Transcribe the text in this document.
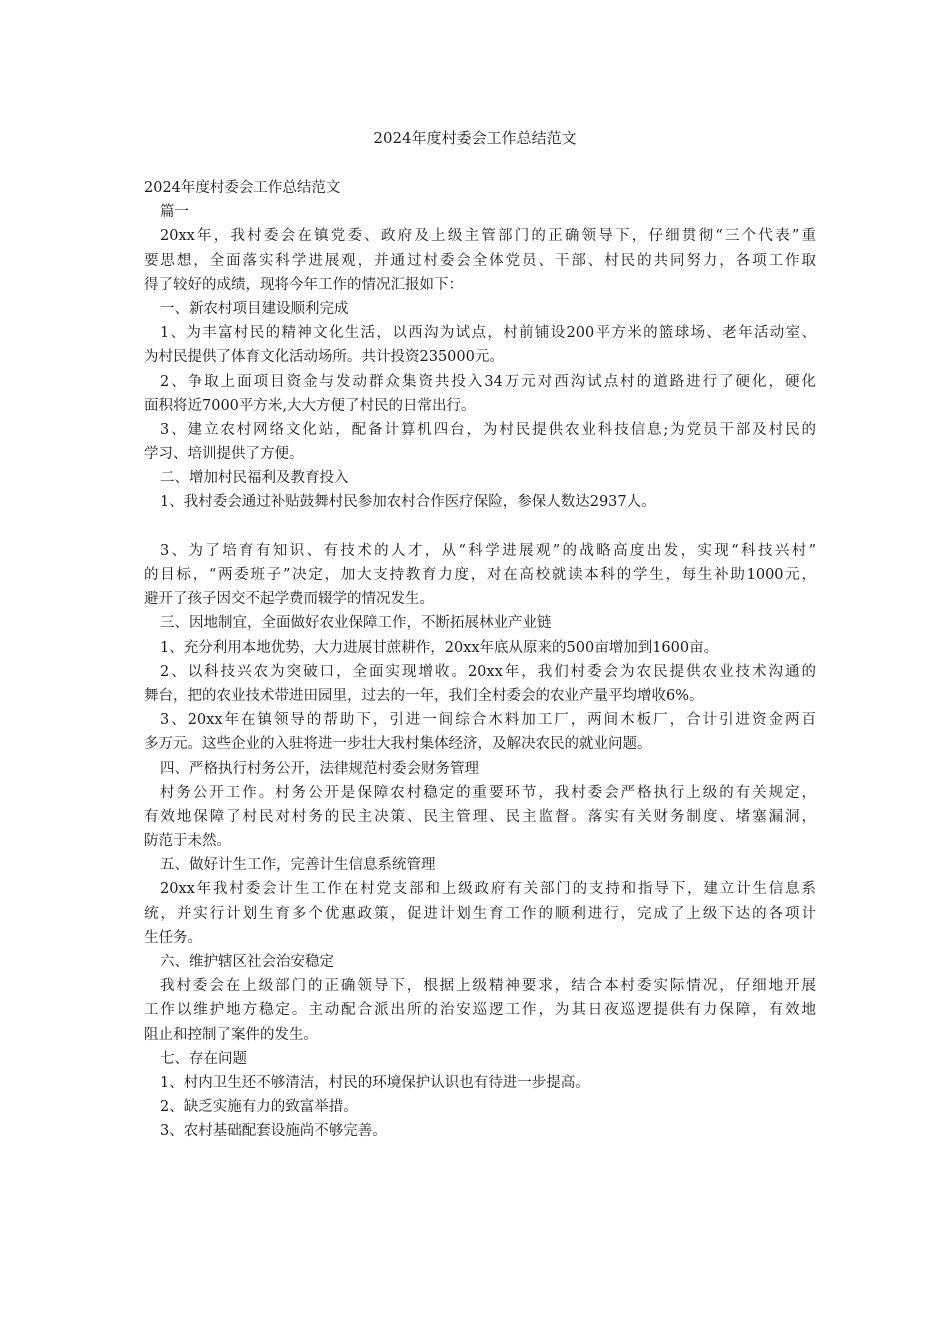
2024年度村委会工作总结范文
2024年度村委会工作总结范文
篇一
20xx年，我村委会在镇党委、政府及上级主管部门的正确领导下，仔细贯彻“三个代表”重
要思想，全面落实科学进展观，并通过村委会全体党员、干部、村民的共同努力，各项工作取
得了较好的成绩，现将今年工作的情况汇报如下：
一、新农村项目建设顺利完成
1、为丰富村民的精神文化生活，以西沟为试点，村前铺设200平方米的篮球场、老年活动室、
为村民提供了体育文化活动场所。共计投资235000元。
2、争取上面项目资金与发动群众集资共投入34万元对西沟试点村的道路进行了硬化，硬化
面积将近7000平方米,大大方便了村民的日常出行。
3、建立农村网络文化站，配备计算机四台，为村民提供农业科技信息;为党员干部及村民的
学习、培训提供了方便。
二、增加村民福利及教育投入
1、我村委会通过补贴鼓舞村民参加农村合作医疗保险，参保人数达2937人。
3、为了培育有知识、有技术的人才，从“科学进展观”的战略高度出发，实现“科技兴村”
的目标，“两委班子”决定，加大支持教育力度，对在高校就读本科的学生，每生补助1000元，
避开了孩子因交不起学费而辍学的情况发生。
三、因地制宜，全面做好农业保障工作，不断拓展林业产业链
1、充分利用本地优势，大力进展甘蔗耕作，20xx年底从原来的500亩增加到1600亩。
2、以科技兴农为突破口，全面实现增收。20xx年，我们村委会为农民提供农业技术沟通的
舞台，把的农业技术带进田园里，过去的一年，我们全村委会的农业产量平均增收6%。
3、20xx年在镇领导的帮助下，引进一间综合木料加工厂，两间木板厂，合计引进资金两百
多万元。这些企业的入驻将进一步壮大我村集体经济，及解决农民的就业问题。
四、严格执行村务公开，法律规范村委会财务管理
村务公开工作。村务公开是保障农村稳定的重要环节，我村委会严格执行上级的有关规定，
有效地保障了村民对村务的民主决策、民主管理、民主监督。落实有关财务制度、堵塞漏洞，
防范于未然。
五、做好计生工作，完善计生信息系统管理
20xx年我村委会计生工作在村党支部和上级政府有关部门的支持和指导下，建立计生信息系
统，并实行计划生育多个优惠政策，促进计划生育工作的顺利进行，完成了上级下达的各项计
生任务。
六、维护辖区社会治安稳定
我村委会在上级部门的正确领导下，根据上级精神要求，结合本村委实际情况，仔细地开展
工作以维护地方稳定。主动配合派出所的治安巡逻工作，为其日夜巡逻提供有力保障，有效地
阻止和控制了案件的发生。
七、存在问题
1、村内卫生还不够清洁，村民的环境保护认识也有待进一步提高。
2、缺乏实施有力的致富举措。
3、农村基础配套设施尚不够完善。
